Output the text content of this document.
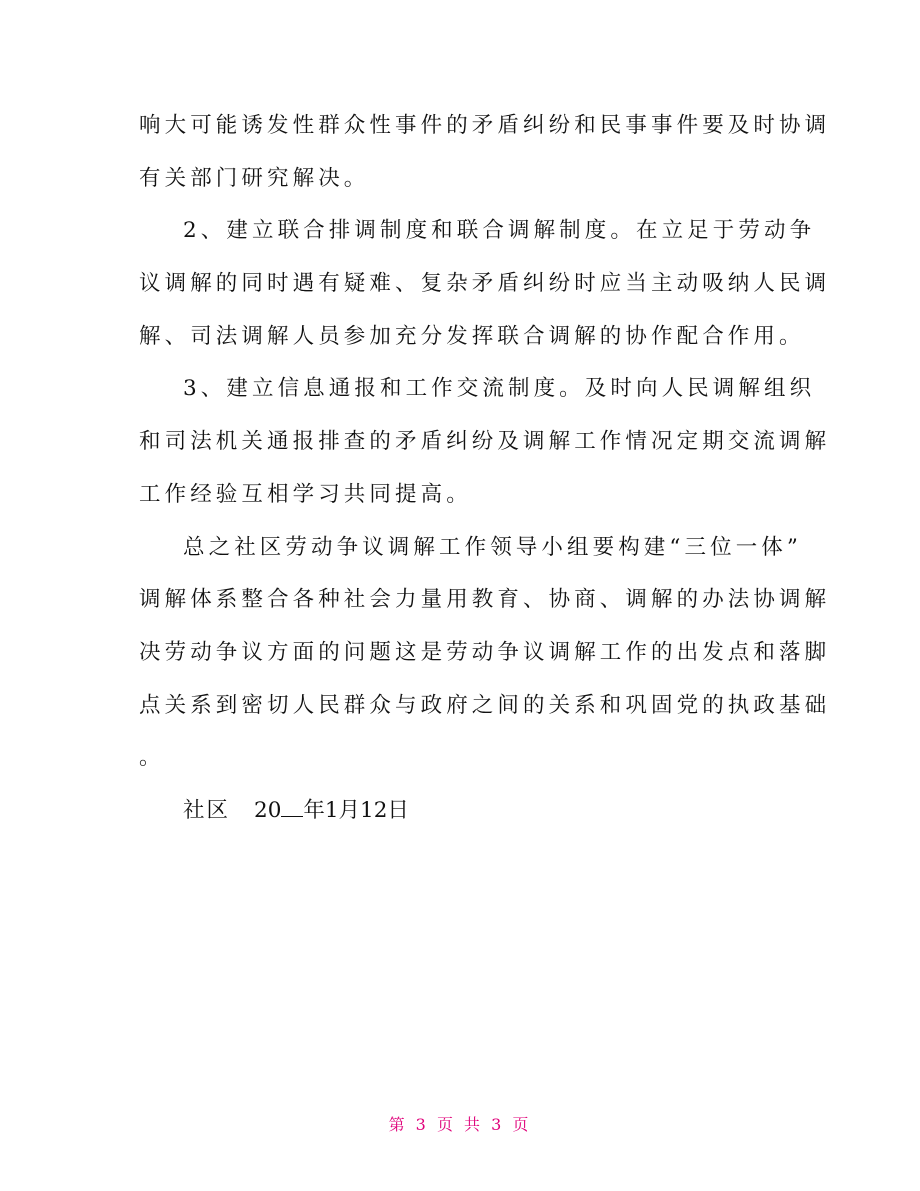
响大可能诱发性群众性事件的矛盾纠纷和民事事件要及时协调
有关部门研究解决。
2、建立联合排调制度和联合调解制度。在立足于劳动争
议调解的同时遇有疑难、复杂矛盾纠纷时应当主动吸纳人民调
解、司法调解人员参加充分发挥联合调解的协作配合作用。
3、建立信息通报和工作交流制度。及时向人民调解组织
和司法机关通报排查的矛盾纠纷及调解工作情况定期交流调解
工作经验互相学习共同提高。
总之社区劳动争议调解工作领导小组要构建“三位一体”
调解体系整合各种社会力量用教育、协商、调解的办法协调解
决劳动争议方面的问题这是劳动争议调解工作的出发点和落脚
点关系到密切人民群众与政府之间的关系和巩固党的执政基础
。
社区 20 年1月12日
第 3 页 共 3 页
